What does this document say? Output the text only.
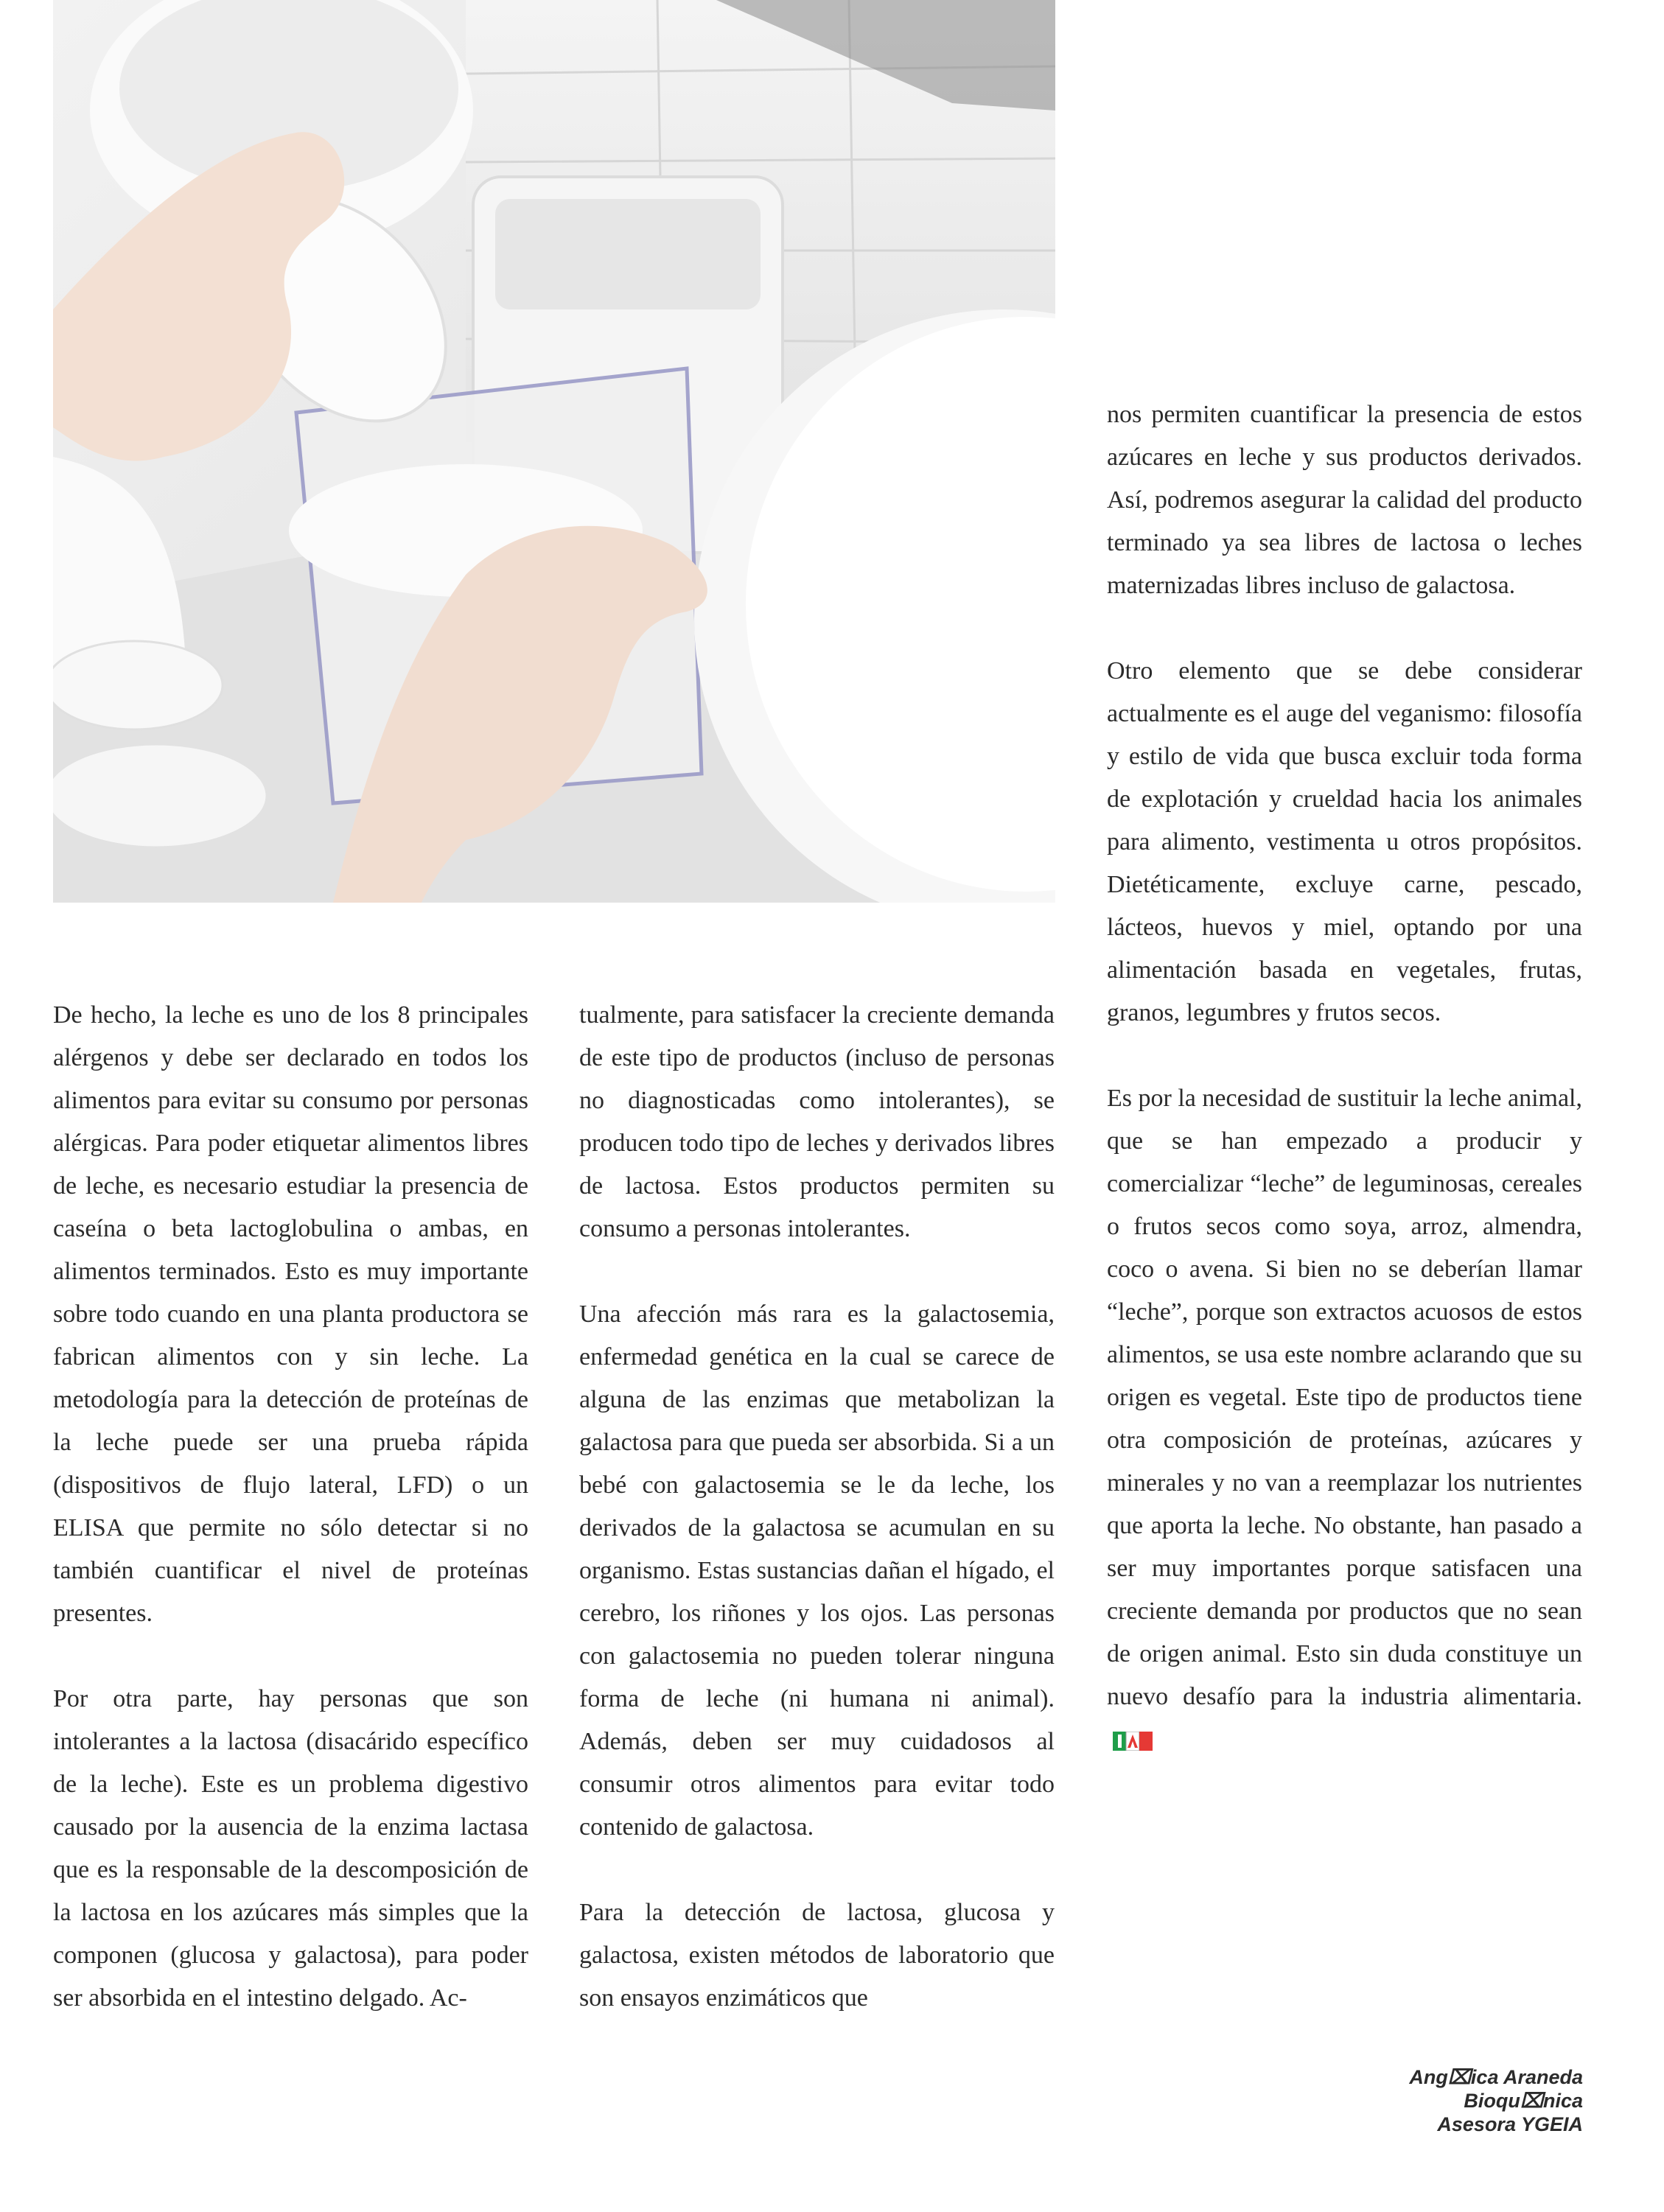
De hecho, la leche es uno de los 8 principales alérgenos y debe ser declarado en todos los alimentos para evitar su consumo por personas alérgicas. Para poder etiquetar alimentos libres de leche, es necesario estudiar la presencia de caseína o beta lactoglobulina o ambas, en alimentos terminados. Esto es muy importante sobre todo cuando en una planta productora se fabrican alimentos con y sin leche. La metodología para la detección de proteínas de la leche puede ser una prueba rápida (dispositivos de flujo lateral, LFD) o un ELISA que permite no sólo detectar si no también cuantificar el nivel de proteínas presentes.

Por otra parte, hay personas que son intolerantes a la lactosa (disacárido específico de la leche). Este es un problema digestivo causado por la ausencia de la enzima lactasa que es la responsable de la descomposición de la lactosa en los azúcares más simples que la componen (glucosa y galactosa), para poder ser absorbida en el intestino delgado. Ac-

tualmente, para satisfacer la creciente demanda de este tipo de productos (incluso de personas no diagnosticadas como intolerantes), se producen todo tipo de leches y derivados libres de lactosa. Estos productos permiten su consumo a personas intolerantes.

Una afección más rara es la galactosemia, enfermedad genética en la cual se carece de alguna de las enzimas que metabolizan la galactosa para que pueda ser absorbida. Si a un bebé con galactosemia se le da leche, los derivados de la galactosa se acumulan en su organismo. Estas sustancias dañan el hígado, el cerebro, los riñones y los ojos. Las personas con galactosemia no pueden tolerar ninguna forma de leche (ni humana ni animal). Además, deben ser muy cuidadosos al consumir otros alimentos para evitar todo contenido de galactosa.

Para la detección de lactosa, glucosa y galactosa, existen métodos de laboratorio que son ensayos enzimáticos que

nos permiten cuantificar la presencia de estos azúcares en leche y sus productos derivados. Así, podremos asegurar la calidad del producto terminado ya sea libres de lactosa o leches maternizadas libres incluso de galactosa.

Otro elemento que se debe considerar actualmente es el auge del veganismo: filosofía y estilo de vida que busca excluir toda forma de explotación y crueldad hacia los animales para alimento, vestimenta u otros propósitos. Dietéticamente, excluye carne, pescado, lácteos, huevos y miel, optando por una alimentación basada en vegetales, frutas, granos, legumbres y frutos secos.

Es por la necesidad de sustituir la leche animal, que se han empezado a producir y comercializar “leche” de leguminosas, cereales o frutos secos como soya, arroz, almendra, coco o avena. Si bien no se deberían llamar “leche”, porque son extractos acuosos de estos alimentos, se usa este nombre aclarando que su origen es vegetal. Este tipo de productos tiene otra composición de proteínas, azúcares y minerales y no van a reemplazar los nutrientes que aporta la leche. No obstante, han pasado a ser muy importantes porque satisfacen una creciente demanda por productos que no sean de origen animal. Esto sin duda constituye un nuevo desafío para la industria alimentaria.

Ang⌧ica Araneda
Bioqu⌧nica
Asesora YGEIA
